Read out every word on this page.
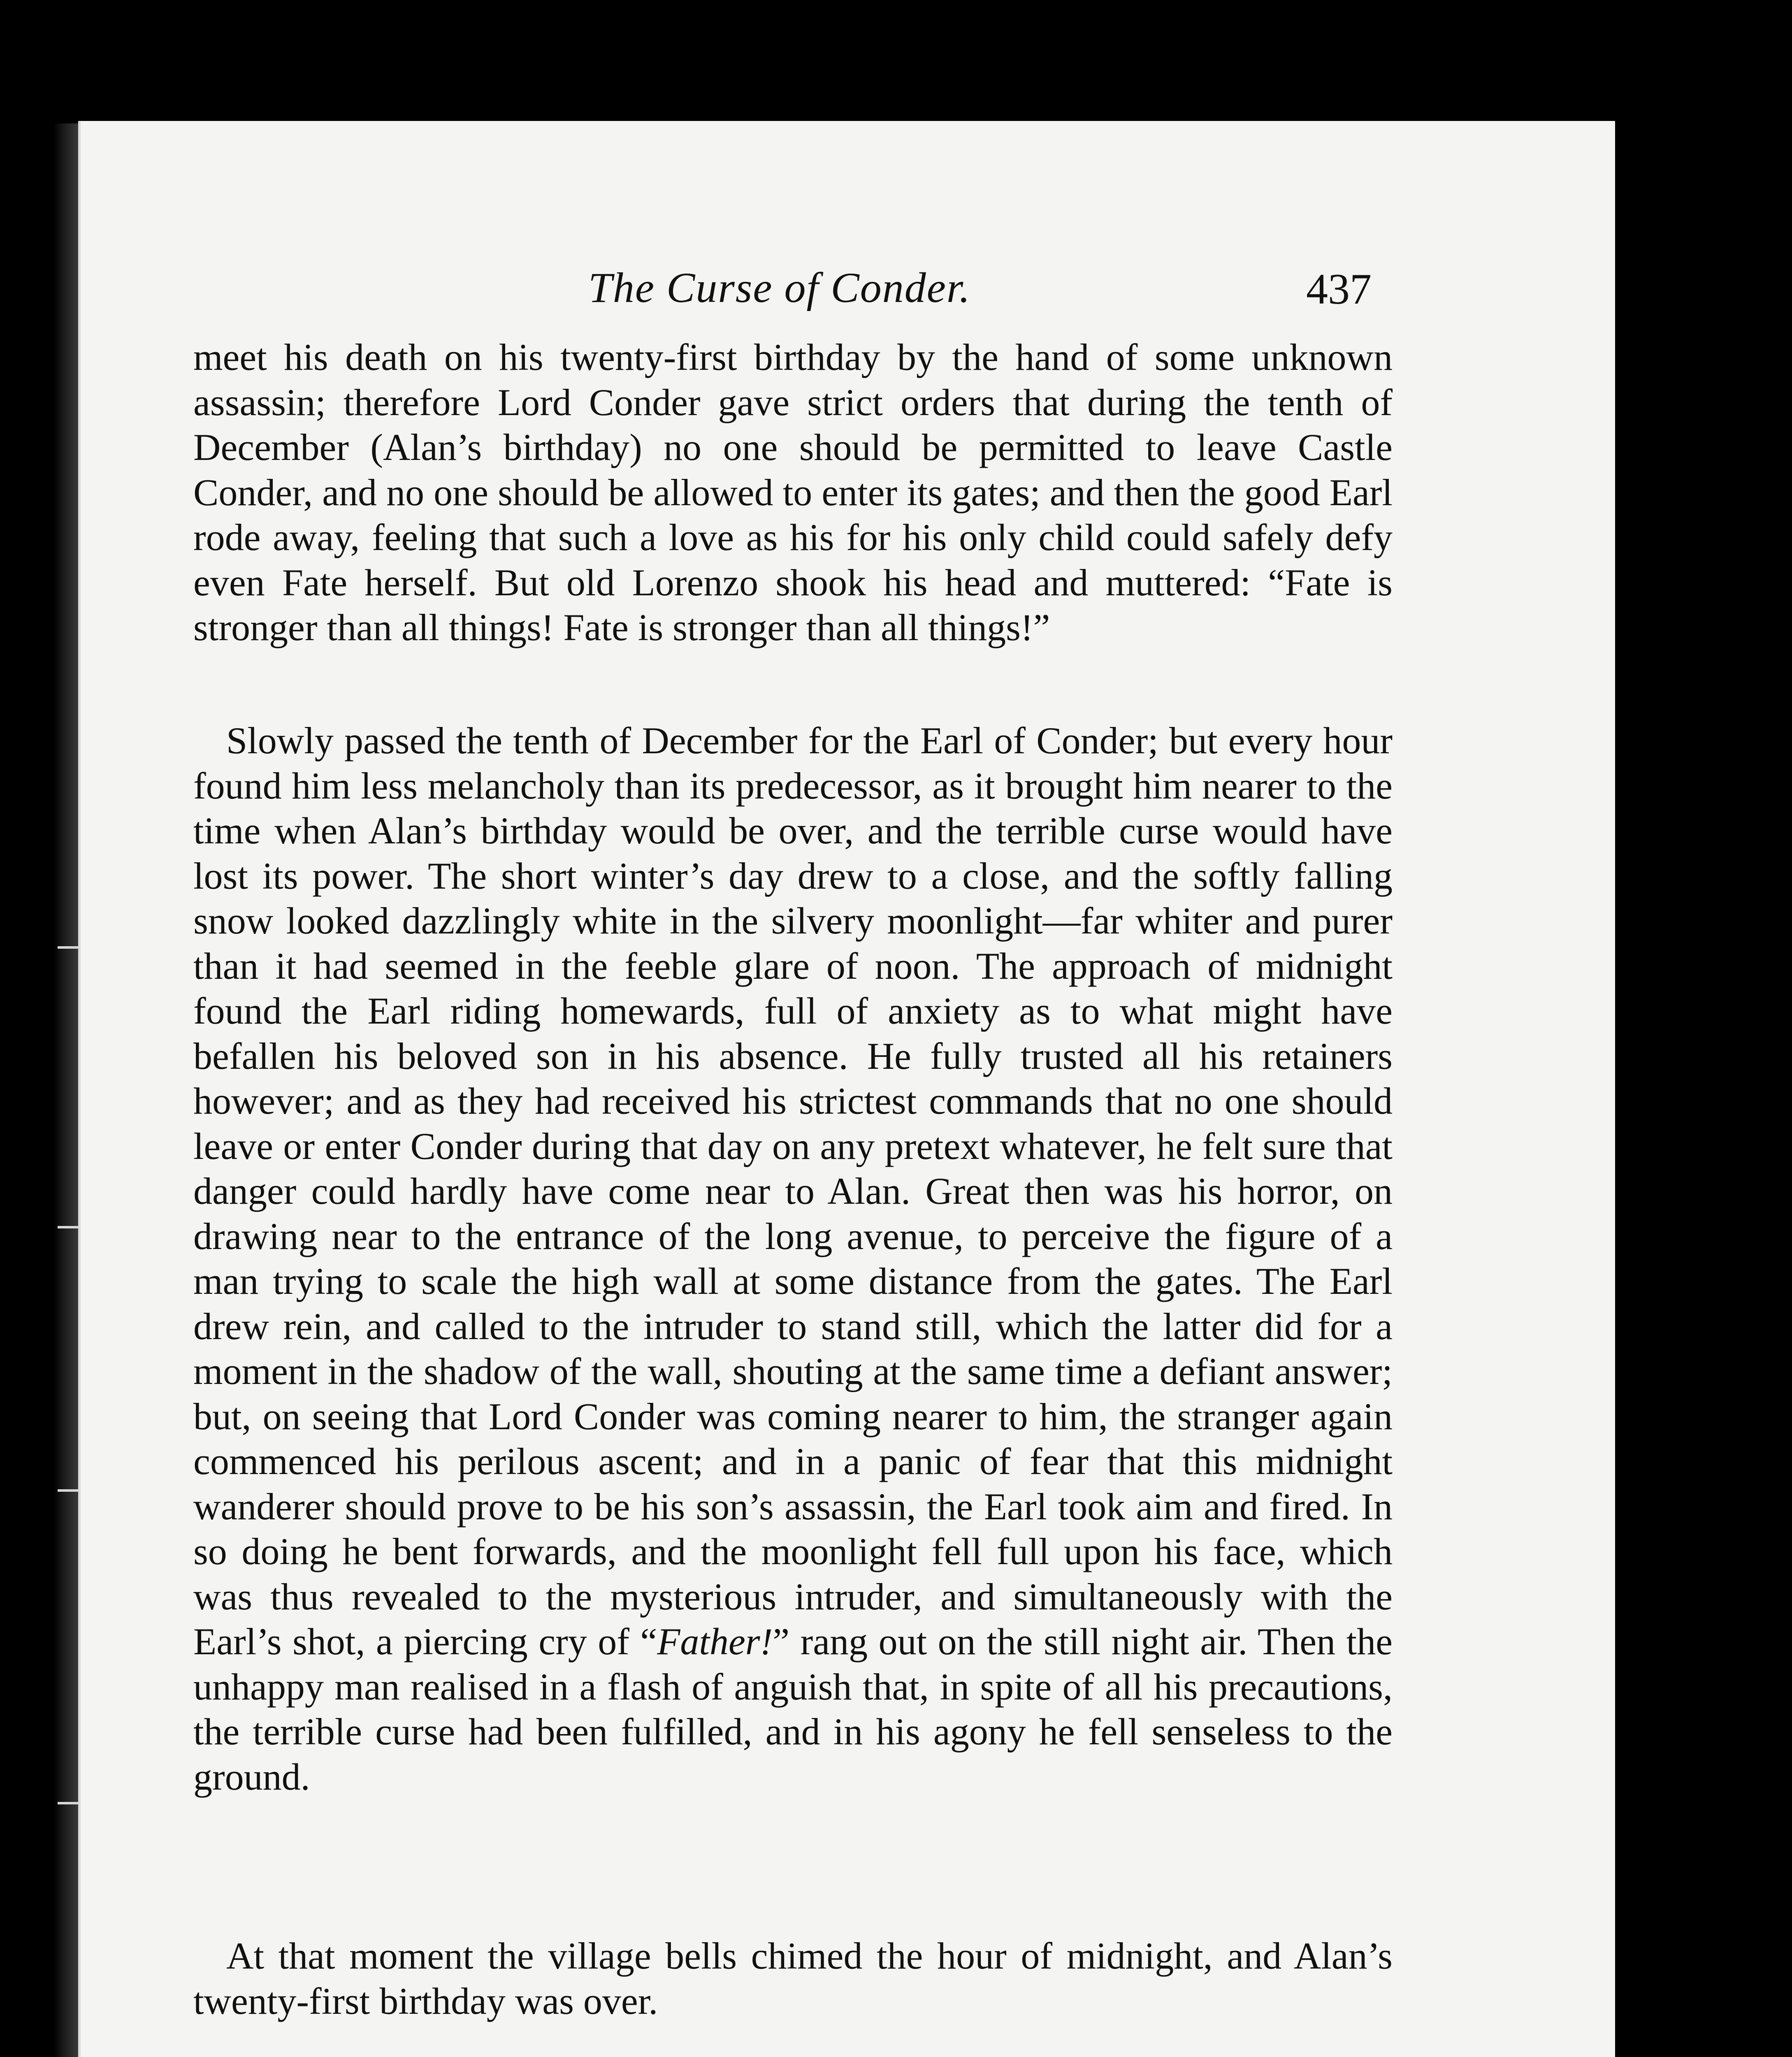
The Curse of Conder.	437

meet his death on his twenty-first birthday by the hand of some unknown assassin; therefore Lord Conder gave strict orders that during the tenth of December (Alan’s birthday) no one should be permitted to leave Castle Conder, and no one should be allowed to enter its gates; and then the good Earl rode away, feeling that such a love as his for his only child could safely defy even Fate herself. But old Lorenzo shook his head and muttered: “Fate is stronger than all things! Fate is stronger than all things!”

Slowly passed the tenth of December for the Earl of Conder; but every hour found him less melancholy than its predecessor, as it brought him nearer to the time when Alan’s birthday would be over, and the terrible curse would have lost its power. The short winter’s day drew to a close, and the softly falling snow looked dazzlingly white in the silvery moonlight—far whiter and purer than it had seemed in the feeble glare of noon. The approach of midnight found the Earl riding homewards, full of anxiety as to what might have befallen his beloved son in his absence. He fully trusted all his retainers however; and as they had received his strictest commands that no one should leave or enter Conder during that day on any pretext whatever, he felt sure that danger could hardly have come near to Alan. Great then was his horror, on drawing near to the entrance of the long avenue, to perceive the figure of a man trying to scale the high wall at some distance from the gates. The Earl drew rein, and called to the intruder to stand still, which the latter did for a moment in the shadow of the wall, shouting at the same time a defiant answer; but, on seeing that Lord Conder was coming nearer to him, the stranger again commenced his perilous ascent; and in a panic of fear that this midnight wanderer should prove to be his son’s assassin, the Earl took aim and fired. In so doing he bent forwards, and the moonlight fell full upon his face, which was thus revealed to the mysterious intruder, and simultaneously with the Earl’s shot, a piercing cry of “Father!” rang out on the still night air. Then the unhappy man realised in a flash of anguish that, in spite of all his precautions, the terrible curse had been fulfilled, and in his agony he fell senseless to the ground.

At that moment the village bells chimed the hour of midnight, and Alan’s twenty-first birthday was over.
